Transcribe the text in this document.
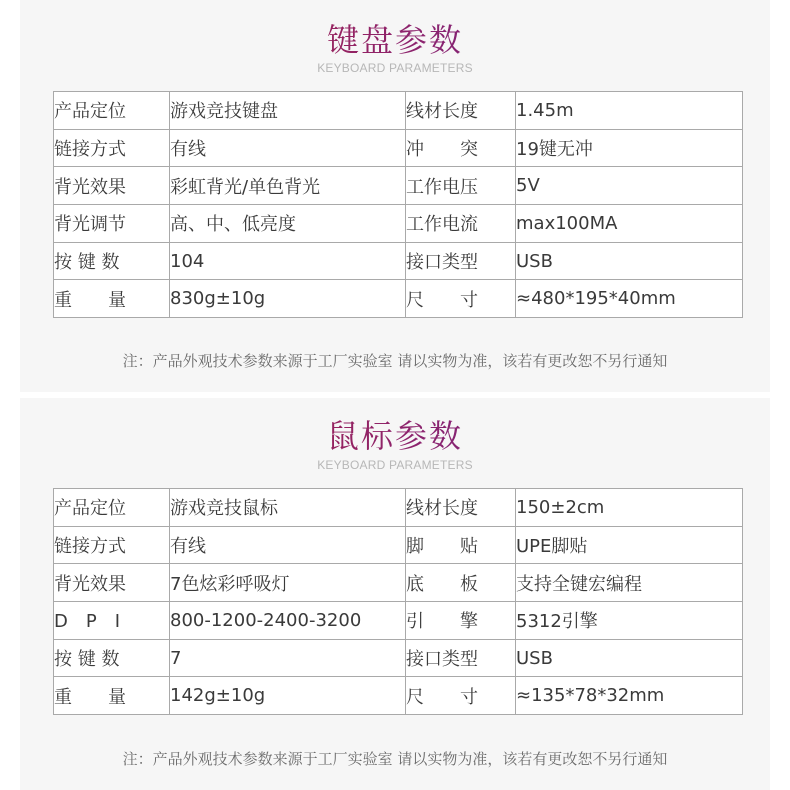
键盘参数
KEYBOARD PARAMETERS
产品定位	游戏竞技键盘	线材长度	1.45m
链接方式	有线	冲　　突	19键无冲
背光效果	彩虹背光/单色背光	工作电压	5V
背光调节	高、中、低亮度	工作电流	max100MA
按 键 数	104	接口类型	USB
重　　量	830g±10g	尺　　寸	≈480*195*40mm
注：产品外观技术参数来源于工厂实验室 请以实物为准，该若有更改恕不另行通知
鼠标参数
KEYBOARD PARAMETERS
产品定位	游戏竞技鼠标	线材长度	150±2cm
链接方式	有线	脚　　贴	UPE脚贴
背光效果	7色炫彩呼吸灯	底　　板	支持全键宏编程
D　P　I	800-1200-2400-3200	引　　擎	5312引擎
按 键 数	7	接口类型	USB
重　　量	142g±10g	尺　　寸	≈135*78*32mm
注：产品外观技术参数来源于工厂实验室 请以实物为准，该若有更改恕不另行通知
